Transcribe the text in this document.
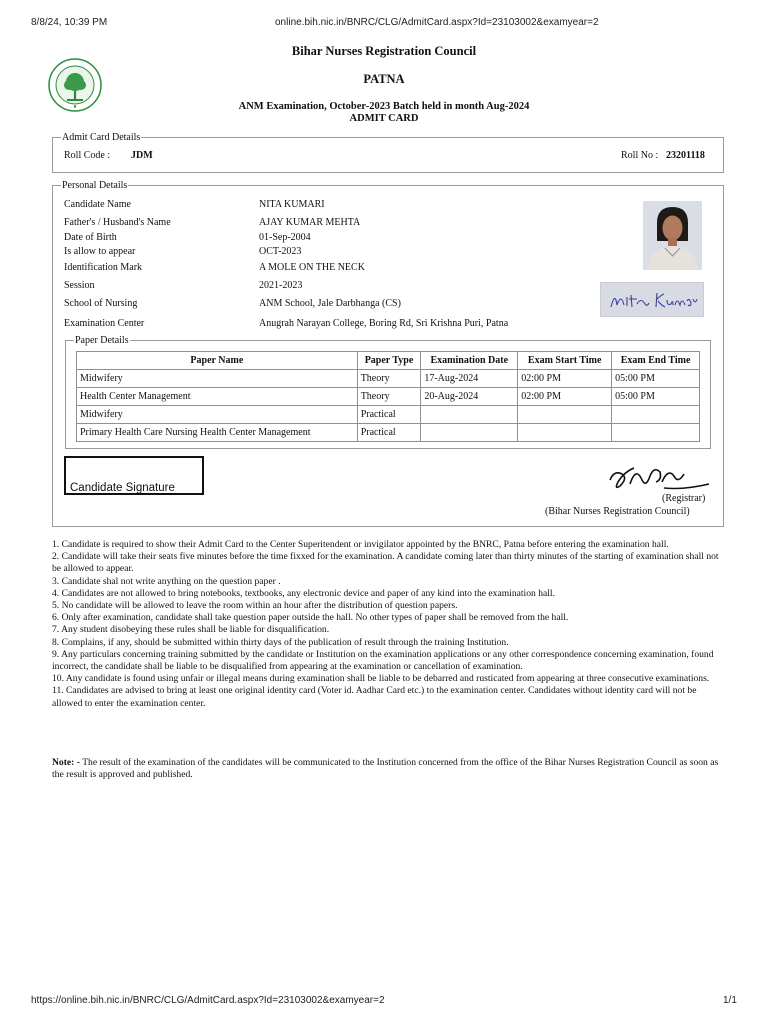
8/8/24, 10:39 PM	online.bih.nic.in/BNRC/CLG/AdmitCard.aspx?Id=23103002&examyear=2
Bihar Nurses Registration Council
PATNA
ANM Examination, October-2023 Batch held in month Aug-2024
ADMIT CARD
Admit Card Details
Roll Code : JDM	Roll No : 23201118
Personal Details
Candidate Name	NITA KUMARI
Father's / Husband's Name	AJAY KUMAR MEHTA
Date of Birth	01-Sep-2004
Is allow to appear	OCT-2023
Identification Mark	A MOLE ON THE NECK
Session	2021-2023
School of Nursing	ANM School, Jale Darbhanga (CS)
Examination Center	Anugrah Narayan College, Boring Rd, Sri Krishna Puri, Patna
Paper Details
Paper Name	Paper Type	Examination Date	Exam Start Time	Exam End Time
Midwifery	Theory	17-Aug-2024	02:00 PM	05:00 PM
Health Center Management	Theory	20-Aug-2024	02:00 PM	05:00 PM
Midwifery	Practical			
Primary Health Care Nursing Health Center Management	Practical			
Candidate Signature
(Registrar)
(Bihar Nurses Registration Council)
1. Candidate is required to show their Admit Card to the Center Superitendent or invigilator appointed by the BNRC, Patna before entering the examination hall.
2. Candidate will take their seats five minutes before the time fixxed for the examination. A candidate coming later than thirty minutes of the starting of examination shall not be allowed to appear.
3. Candidate shal not write anything on the question paper .
4. Candidates are not allowed to bring notebooks, textbooks, any electronic device and paper of any kind into the examination hall.
5. No candidate will be allowed to leave the room within an hour after the distribution of question papers.
6. Only after examination, candidate shall take question paper outside the hall. No other types of paper shall be removed from the hall.
7. Any student disobeying these rules shall be liable for disqualification.
8. Complains, if any, should be submitted within thirty days of the publication of result through the training Institution.
9. Any particulars concerning training submitted by the candidate or Institution on the examination applications or any other correspondence concerning examination, found incorrect, the candidate shall be liable to be disqualified from appearing at the examination or cancellation of examination.
10. Any candidate is found using unfair or illegal means during examination shall be liable to be debarred and rusticated from appearing at three consecutive examinations.
11. Candidates are advised to bring at least one original identity card (Voter id. Aadhar Card etc.) to the examination center. Candidates without identity card will not be allowed to enter the examination center.
Note: - The result of the examination of the candidates will be communicated to the Institution concerned from the office of the Bihar Nurses Registration Council as soon as the result is approved and published.
https://online.bih.nic.in/BNRC/CLG/AdmitCard.aspx?Id=23103002&examyear=2	1/1
